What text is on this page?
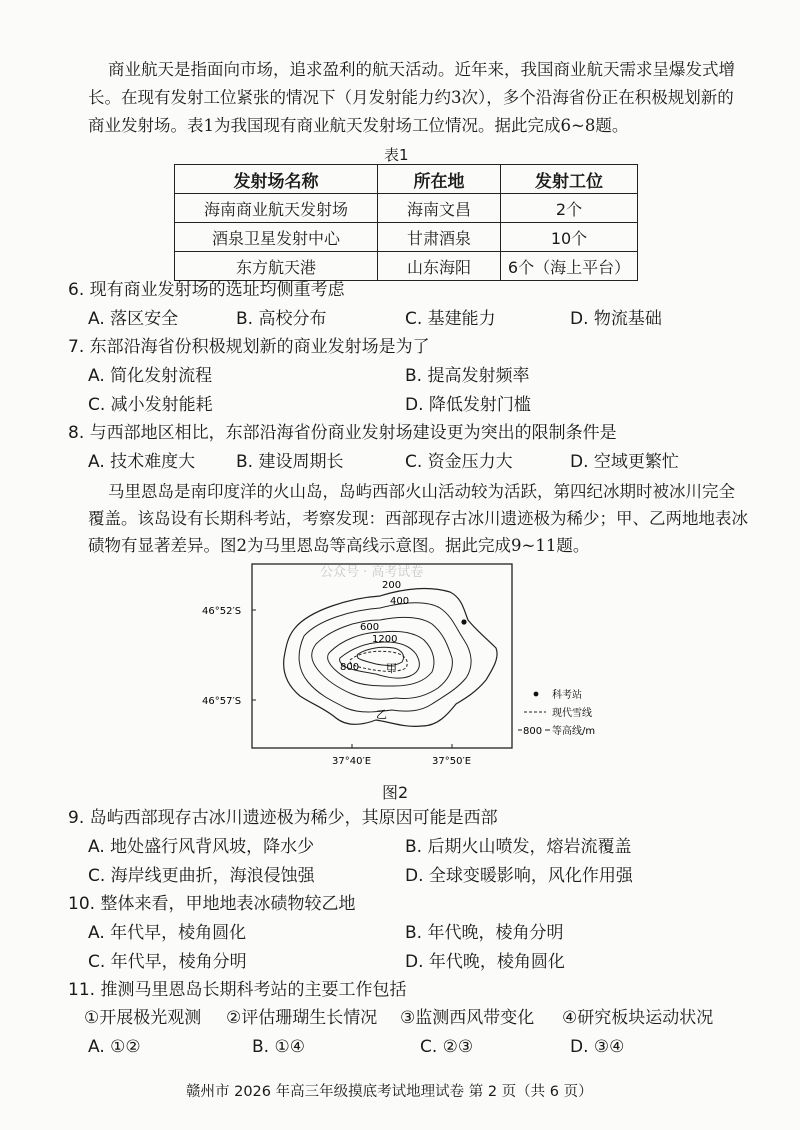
商业航天是指面向市场，追求盈利的航天活动。近年来，我国商业航天需求呈爆发式增
长。在现有发射工位紧张的情况下（月发射能力约3次），多个沿海省份正在积极规划新的
商业发射场。表1为我国现有商业航天发射场工位情况。据此完成6~8题。
表1
发射场名称	所在地	发射工位
海南商业航天发射场	海南文昌	2个
酒泉卫星发射中心	甘肃酒泉	10个
东方航天港	山东海阳	6个（海上平台）
6. 现有商业发射场的选址均侧重考虑
A. 落区安全	B. 高校分布	C. 基建能力	D. 物流基础
7. 东部沿海省份积极规划新的商业发射场是为了
A. 简化发射流程	B. 提高发射频率
C. 减小发射能耗	D. 降低发射门槛
8. 与西部地区相比，东部沿海省份商业发射场建设更为突出的限制条件是
A. 技术难度大 B. 建设周期长	C. 资金压力大	D. 空域更繁忙
马里恩岛是南印度洋的火山岛，岛屿西部火山活动较为活跃，第四纪冰期时被冰川完全
覆盖。该岛设有长期科考站，考察发现：西部现存古冰川遗迹极为稀少；甲、乙两地地表冰
碛物有显著差异。图2为马里恩岛等高线示意图。据此完成9~11题。
公众号 · 高考试卷
200
400
600
1200
800 甲
乙
46°52′S
46°57′S
37°40′E	37°50′E
科考站
现代雪线
800 等高线/m
图2
9. 岛屿西部现存古冰川遗迹极为稀少，其原因可能是西部
A. 地处盛行风背风坡，降水少	B. 后期火山喷发，熔岩流覆盖
C. 海岸线更曲折，海浪侵蚀强	D. 全球变暖影响，风化作用强
10. 整体来看，甲地地表冰碛物较乙地
A. 年代早，棱角圆化	B. 年代晚，棱角分明
C. 年代早，棱角分明	D. 年代晚，棱角圆化
11. 推测马里恩岛长期科考站的主要工作包括
①开展极光观测 ②评估珊瑚生长情况 ③监测西风带变化 ④研究板块运动状况
A. ①②	B. ①④	C. ②③	D. ③④
赣州市 2026 年高三年级摸底考试地理试卷 第 2 页（共 6 页）
